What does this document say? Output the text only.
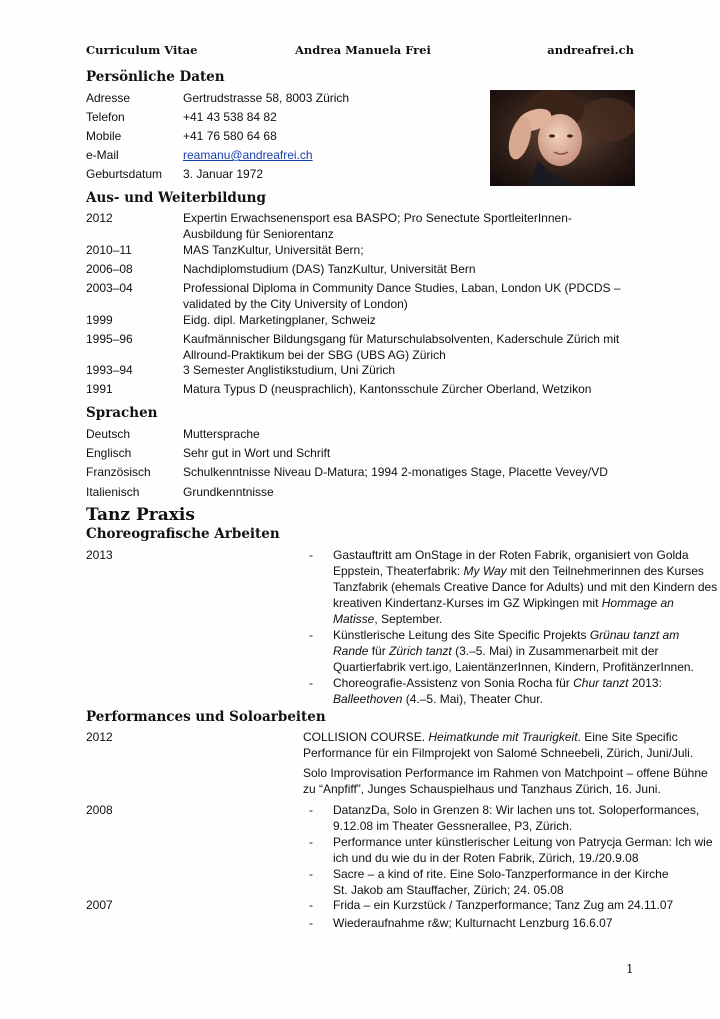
Curriculum Vitae	Andrea Manuela Frei	andreafrei.ch
Persönliche Daten
Adresse	Gertrudstrasse 58, 8003 Zürich
Telefon	+41 43 538 84 82
Mobile	+41 76 580 64 68
e-Mail	reamanu@andreafrei.ch
Geburtsdatum 3. Januar 1972
Aus- und Weiterbildung
2012	Expertin Erwachsenensport esa BASPO; Pro Senectute SportleiterInnen-
Ausbildung für Seniorentanz
2010–11	MAS TanzKultur, Universität Bern;
2006–08	Nachdiplomstudium (DAS) TanzKultur, Universität Bern
2003–04	Professional Diploma in Community Dance Studies, Laban, London UK (PDCDS –
validated by the City University of London)
1999	Eidg. dipl. Marketingplaner, Schweiz
1995–96	Kaufmännischer Bildungsgang für Maturschulabsolventen, Kaderschule Zürich mit
Allround-Praktikum bei der SBG (UBS AG) Zürich
1993–94	3 Semester Anglistikstudium, Uni Zürich
1991	Matura Typus D (neusprachlich), Kantonsschule Zürcher Oberland, Wetzikon
Sprachen
Deutsch	Muttersprache
Englisch	Sehr gut in Wort und Schrift
Französisch	Schulkenntnisse Niveau D-Matura; 1994 2-monatiges Stage, Placette Vevey/VD
Italienisch	Grundkenntnisse
Tanz Praxis
Choreografische Arbeiten
2013	- Gastauftritt am OnStage in der Roten Fabrik, organisiert von Golda
Eppstein, Theaterfabrik: My Way mit den Teilnehmerinnen des Kurses
Tanzfabrik (ehemals Creative Dance for Adults) und mit den Kindern des
kreativen Kindertanz-Kurses im GZ Wipkingen mit Hommage an
Matisse, September.
- Künstlerische Leitung des Site Specific Projekts Grünau tanzt am
Rande für Zürich tanzt (3.–5. Mai) in Zusammenarbeit mit der
Quartierfabrik vert.igo, LaientänzerInnen, Kindern, ProfitänzerInnen.
- Choreografie-Assistenz von Sonia Rocha für Chur tanzt 2013:
Balleethoven (4.–5. Mai), Theater Chur.
Performances und Soloarbeiten
2012	COLLISION COURSE. Heimatkunde mit Traurigkeit. Eine Site Specific
Performance für ein Filmprojekt von Salomé Schneebeli, Zürich, Juni/Juli.
Solo Improvisation Performance im Rahmen von Matchpoint – offene Bühne
zu “Anpfiff”, Junges Schauspielhaus und Tanzhaus Zürich, 16. Juni.
2008	- DatanzDa, Solo in Grenzen 8: Wir lachen uns tot. Soloperformances,
9.12.08 im Theater Gessnerallee, P3, Zürich.
- Performance unter künstlerischer Leitung von Patrycja German: Ich wie
ich und du wie du in der Roten Fabrik, Zürich, 19./20.9.08
- Sacre – a kind of rite. Eine Solo-Tanzperformance in der Kirche
St. Jakob am Stauffacher, Zürich; 24. 05.08
2007	- Frida – ein Kurzstück / Tanzperformance; Tanz Zug am 24.11.07
- Wiederaufnahme r&w; Kulturnacht Lenzburg 16.6.07
1
